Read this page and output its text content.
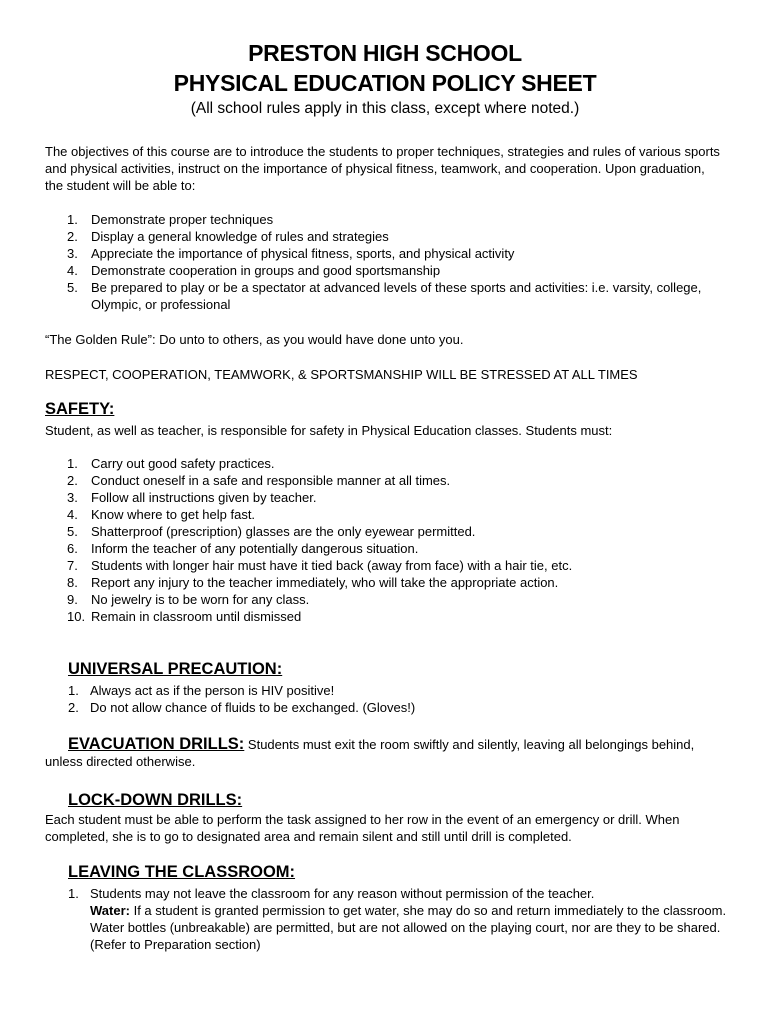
PRESTON HIGH SCHOOL
PHYSICAL EDUCATION POLICY SHEET
(All school rules apply in this class, except where noted.)
The objectives of this course are to introduce the students to proper techniques, strategies and rules of various sports and physical activities, instruct on the importance of physical fitness, teamwork, and cooperation. Upon graduation, the student will be able to:
1. Demonstrate proper techniques
2. Display a general knowledge of rules and strategies
3. Appreciate the importance of physical fitness, sports, and physical activity
4. Demonstrate cooperation in groups and good sportsmanship
5. Be prepared to play or be a spectator at advanced levels of these sports and activities: i.e. varsity, college, Olympic, or professional
“The Golden Rule”: Do unto to others, as you would have done unto you.
RESPECT, COOPERATION, TEAMWORK, & SPORTSMANSHIP WILL BE STRESSED AT ALL TIMES
SAFETY:
Student, as well as teacher, is responsible for safety in Physical Education classes. Students must:
1. Carry out good safety practices.
2. Conduct oneself in a safe and responsible manner at all times.
3. Follow all instructions given by teacher.
4. Know where to get help fast.
5. Shatterproof (prescription) glasses are the only eyewear permitted.
6. Inform the teacher of any potentially dangerous situation.
7. Students with longer hair must have it tied back (away from face) with a hair tie, etc.
8. Report any injury to the teacher immediately, who will take the appropriate action.
9. No jewelry is to be worn for any class.
10. Remain in classroom until dismissed
UNIVERSAL PRECAUTION:
1. Always act as if the person is HIV positive!
2. Do not allow chance of fluids to be exchanged. (Gloves!)
EVACUATION DRILLS: Students must exit the room swiftly and silently, leaving all belongings behind, unless directed otherwise.
LOCK-DOWN DRILLS:
Each student must be able to perform the task assigned to her row in the event of an emergency or drill. When completed, she is to go to designated area and remain silent and still until drill is completed.
LEAVING THE CLASSROOM:
1. Students may not leave the classroom for any reason without permission of the teacher.
Water: If a student is granted permission to get water, she may do so and return immediately to the classroom. Water bottles (unbreakable) are permitted, but are not allowed on the playing court, nor are they to be shared. (Refer to Preparation section)
